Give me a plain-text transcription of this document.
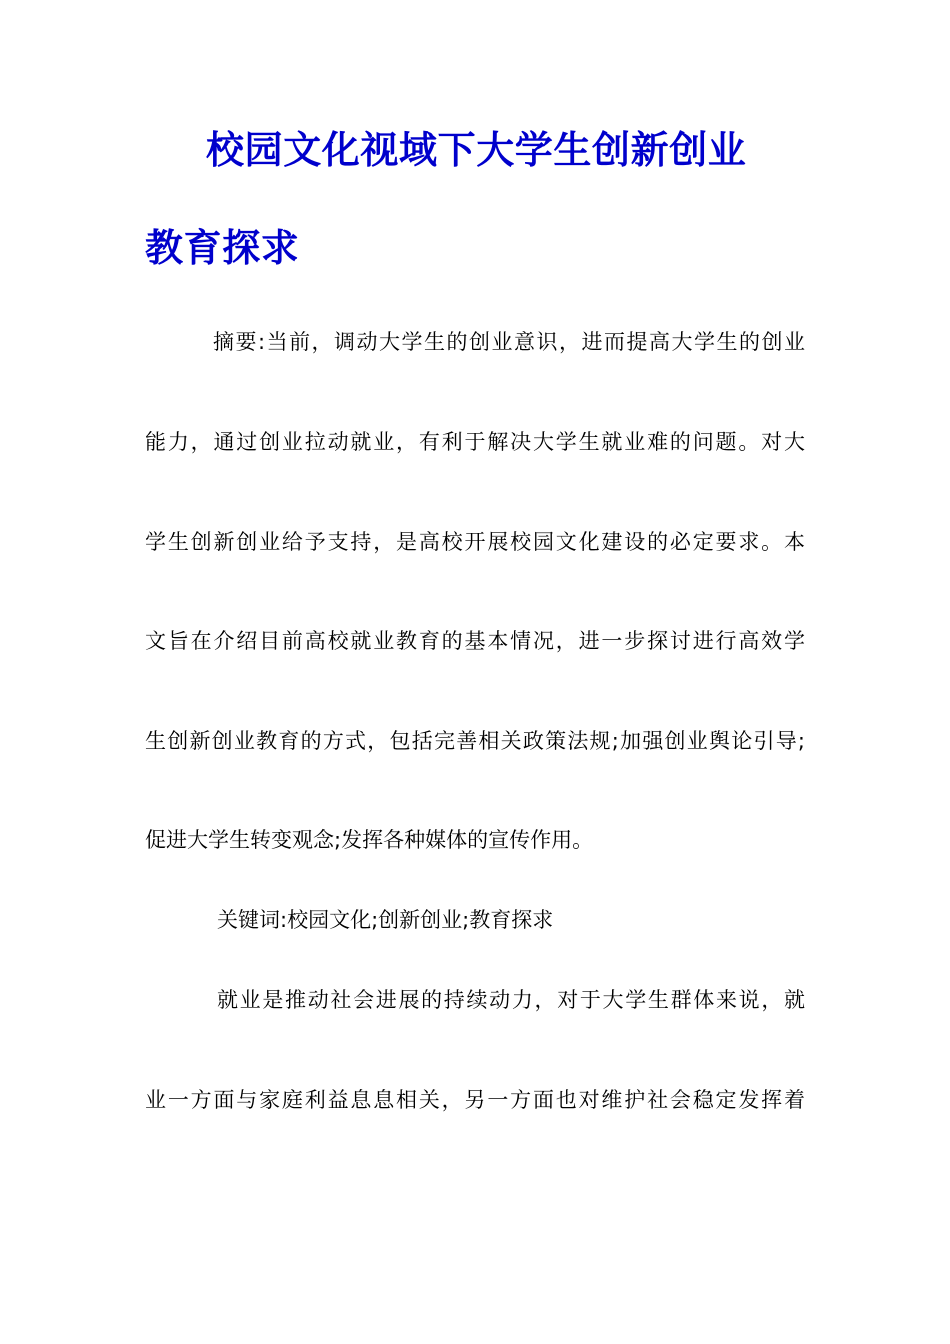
校园文化视域下大学生创新创业
教育探求

摘要:当前，调动大学生的创业意识，进而提高大学生的创业

能力，通过创业拉动就业，有利于解决大学生就业难的问题。对大

学生创新创业给予支持，是高校开展校园文化建设的必定要求。本

文旨在介绍目前高校就业教育的基本情况，进一步探讨进行高效学

生创新创业教育的方式，包括完善相关政策法规;加强创业舆论引导;

促进大学生转变观念;发挥各种媒体的宣传作用。

关键词:校园文化;创新创业;教育探求

就业是推动社会进展的持续动力，对于大学生群体来说，就

业一方面与家庭利益息息相关，另一方面也对维护社会稳定发挥着
